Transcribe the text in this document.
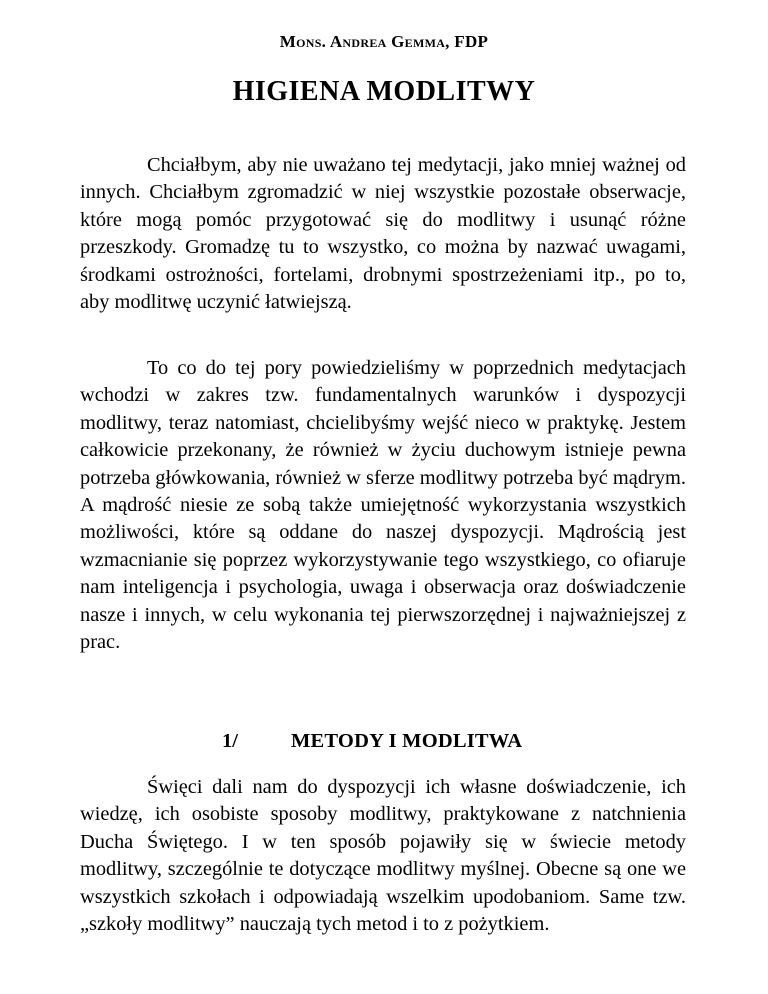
Mons. Andrea Gemma, FDP
HIGIENA MODLITWY

Chciałbym, aby nie uważano tej medytacji, jako mniej ważnej od innych. Chciałbym zgromadzić w niej wszystkie pozostałe obserwacje, które mogą pomóc przygotować się do modlitwy i usunąć różne przeszkody. Gromadzę tu to wszystko, co można by nazwać uwagami, środkami ostrożności, fortelami, drobnymi spostrzeżeniami itp., po to, aby modlitwę uczynić łatwiejszą.

To co do tej pory powiedzieliśmy w poprzednich medytacjach wchodzi w zakres tzw. fundamentalnych warunków i dyspozycji modlitwy, teraz natomiast, chcielibyśmy wejść nieco w praktykę. Jestem całkowicie przekonany, że również w życiu duchowym istnieje pewna potrzeba główkowania, również w sferze modlitwy potrzeba być mądrym. A mądrość niesie ze sobą także umiejętność wykorzystania wszystkich możliwości, które są oddane do naszej dyspozycji. Mądrością jest wzmacnianie się poprzez wykorzystywanie tego wszystkiego, co ofiaruje nam inteligencja i psychologia, uwaga i obserwacja oraz doświadczenie nasze i innych, w celu wykonania tej pierwszorzędnej i najważniejszej z prac.

1/	METODY I MODLITWA

Święci dali nam do dyspozycji ich własne doświadczenie, ich wiedzę, ich osobiste sposoby modlitwy, praktykowane z natchnienia Ducha Świętego. I w ten sposób pojawiły się w świecie metody modlitwy, szczególnie te dotyczące modlitwy myślnej. Obecne są one we wszystkich szkołach i odpowiadają wszelkim upodobaniom. Same tzw. „szkoły modlitwy” nauczają tych metod i to z pożytkiem.
